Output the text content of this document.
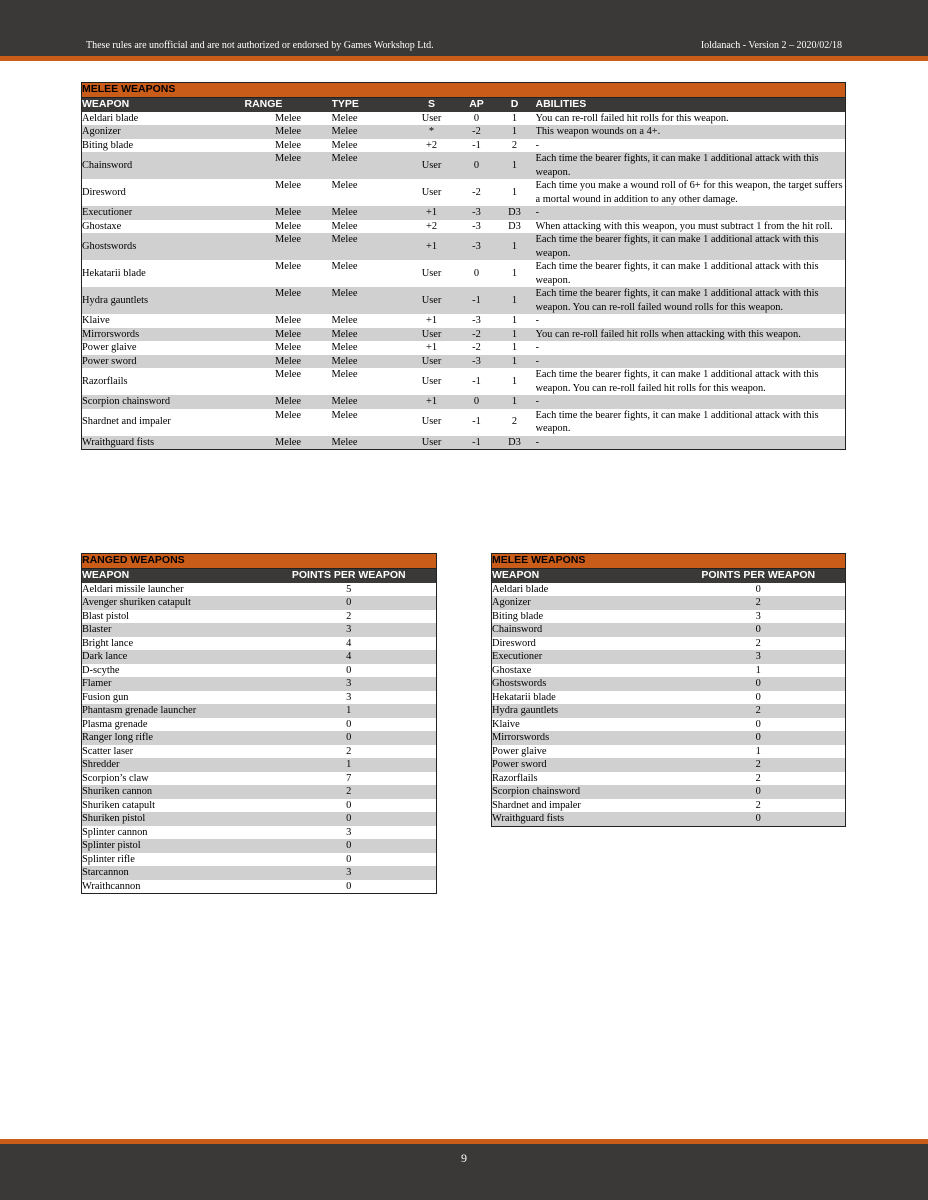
These rules are unofficial and are not authorized or endorsed by Games Workshop Ltd.	Ioldanach - Version 2 – 2020/02/18
MELEE WEAPONS						
WEAPON	RANGE	TYPE	S	AP	D	ABILITIES
Aeldari blade	Melee	Melee	User	0	1	You can re-roll failed hit rolls for this weapon.
Agonizer	Melee	Melee	*	-2	1	This weapon wounds on a 4+.
Biting blade	Melee	Melee	+2	-1	2	-
Chainsword	Melee	Melee	User	0	1	Each time the bearer fights, it can make 1 additional attack with this weapon.
Diresword	Melee	Melee	User	-2	1	Each time you make a wound roll of 6+ for this weapon, the target suffers a mortal wound in addition to any other damage.
Executioner	Melee	Melee	+1	-3	D3	-
Ghostaxe	Melee	Melee	+2	-3	D3	When attacking with this weapon, you must subtract 1 from the hit roll.
Ghostswords	Melee	Melee	+1	-3	1	Each time the bearer fights, it can make 1 additional attack with this weapon.
Hekatarii blade	Melee	Melee	User	0	1	Each time the bearer fights, it can make 1 additional attack with this weapon.
Hydra gauntlets	Melee	Melee	User	-1	1	Each time the bearer fights, it can make 1 additional attack with this weapon. You can re-roll failed wound rolls for this weapon.
Klaive	Melee	Melee	+1	-3	1	-
Mirrorswords	Melee	Melee	User	-2	1	You can re-roll failed hit rolls when attacking with this weapon.
Power glaive	Melee	Melee	+1	-2	1	-
Power sword	Melee	Melee	User	-3	1	-
Razorflails	Melee	Melee	User	-1	1	Each time the bearer fights, it can make 1 additional attack with this weapon. You can re-roll failed hit rolls for this weapon.
Scorpion chainsword	Melee	Melee	+1	0	1	-
Shardnet and impaler	Melee	Melee	User	-1	2	Each time the bearer fights, it can make 1 additional attack with this weapon.
Wraithguard fists	Melee	Melee	User	-1	D3	-
RANGED WEAPONS	
WEAPON	POINTS PER WEAPON
Aeldari missile launcher	5
Avenger shuriken catapult	0
Blast pistol	2
Blaster	3
Bright lance	4
Dark lance	4
D-scythe	0
Flamer	3
Fusion gun	3
Phantasm grenade launcher	1
Plasma grenade	0
Ranger long rifle	0
Scatter laser	2
Shredder	1
Scorpion’s claw	7
Shuriken cannon	2
Shuriken catapult	0
Shuriken pistol	0
Splinter cannon	3
Splinter pistol	0
Splinter rifle	0
Starcannon	3
Wraithcannon	0
MELEE WEAPONS	
WEAPON	POINTS PER WEAPON
Aeldari blade	0
Agonizer	2
Biting blade	3
Chainsword	0
Diresword	2
Executioner	3
Ghostaxe	1
Ghostswords	0
Hekatarii blade	0
Hydra gauntlets	2
Klaive	0
Mirrorswords	0
Power glaive	1
Power sword	2
Razorflails	2
Scorpion chainsword	0
Shardnet and impaler	2
Wraithguard fists	0
9
